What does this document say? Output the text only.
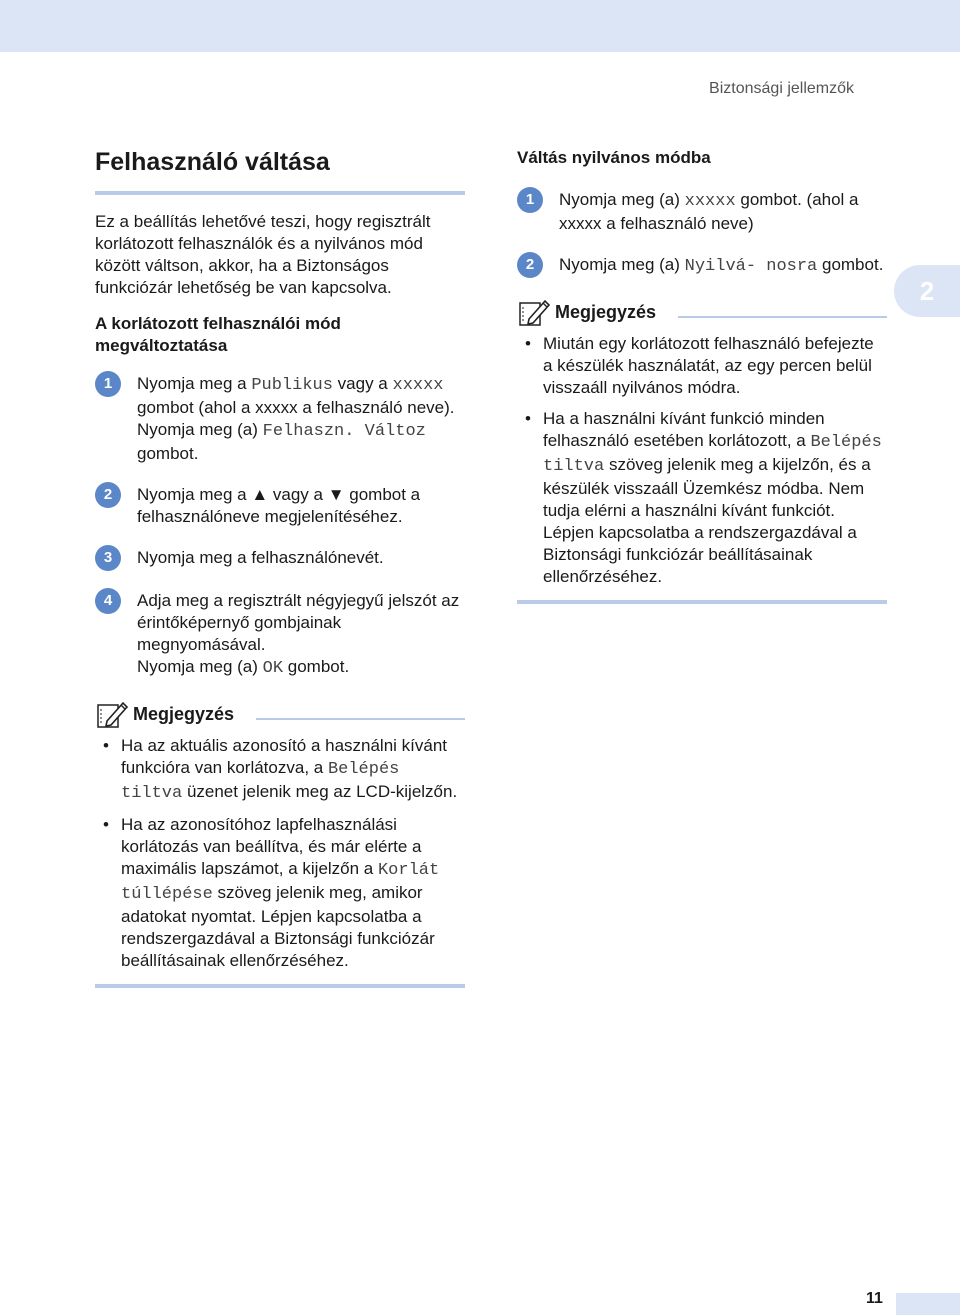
Biztonsági jellemzők
2
Felhasználó váltása

Ez a beállítás lehetővé teszi, hogy regisztrált korlátozott felhasználók és a nyilvános mód között váltson, akkor, ha a Biztonságos funkciózár lehetőség be van kapcsolva.

A korlátozott felhasználói mód megváltoztatása

1	Nyomja meg a Publikus vagy a xxxxx gombot (ahol a xxxxx a felhasználó neve).
Nyomja meg (a) Felhaszn. Változ gombot.
2	Nyomja meg a ▲ vagy a ▼ gombot a felhasználóneve megjelenítéséhez.
3	Nyomja meg a felhasználónevét.
4	Adja meg a regisztrált négyjegyű jelszót az érintőképernyő gombjainak megnyomásával.
Nyomja meg (a) OK gombot.
Megjegyzés
• Ha az aktuális azonosító a használni kívánt funkcióra van korlátozva, a Belépés tiltva üzenet jelenik meg az LCD-kijelzőn.
• Ha az azonosítóhoz lapfelhasználási korlátozás van beállítva, és már elérte a maximális lapszámot, a kijelzőn a Korlát túllépése szöveg jelenik meg, amikor adatokat nyomtat. Lépjen kapcsolatba a rendszergazdával a Biztonsági funkciózár beállításainak ellenőrzéséhez.

Váltás nyilvános módba

1	Nyomja meg (a) xxxxx gombot. (ahol a xxxxx a felhasználó neve)
2	Nyomja meg (a) Nyilvá- nosra gombot.
Megjegyzés
• Miután egy korlátozott felhasználó befejezte a készülék használatát, az egy percen belül visszaáll nyilvános módra.
• Ha a használni kívánt funkció minden felhasználó esetében korlátozott, a Belépés tiltva szöveg jelenik meg a kijelzőn, és a készülék visszaáll Üzemkész módba. Nem tudja elérni a használni kívánt funkciót. Lépjen kapcsolatba a rendszergazdával a Biztonsági funkciózár beállításainak ellenőrzéséhez.
11
